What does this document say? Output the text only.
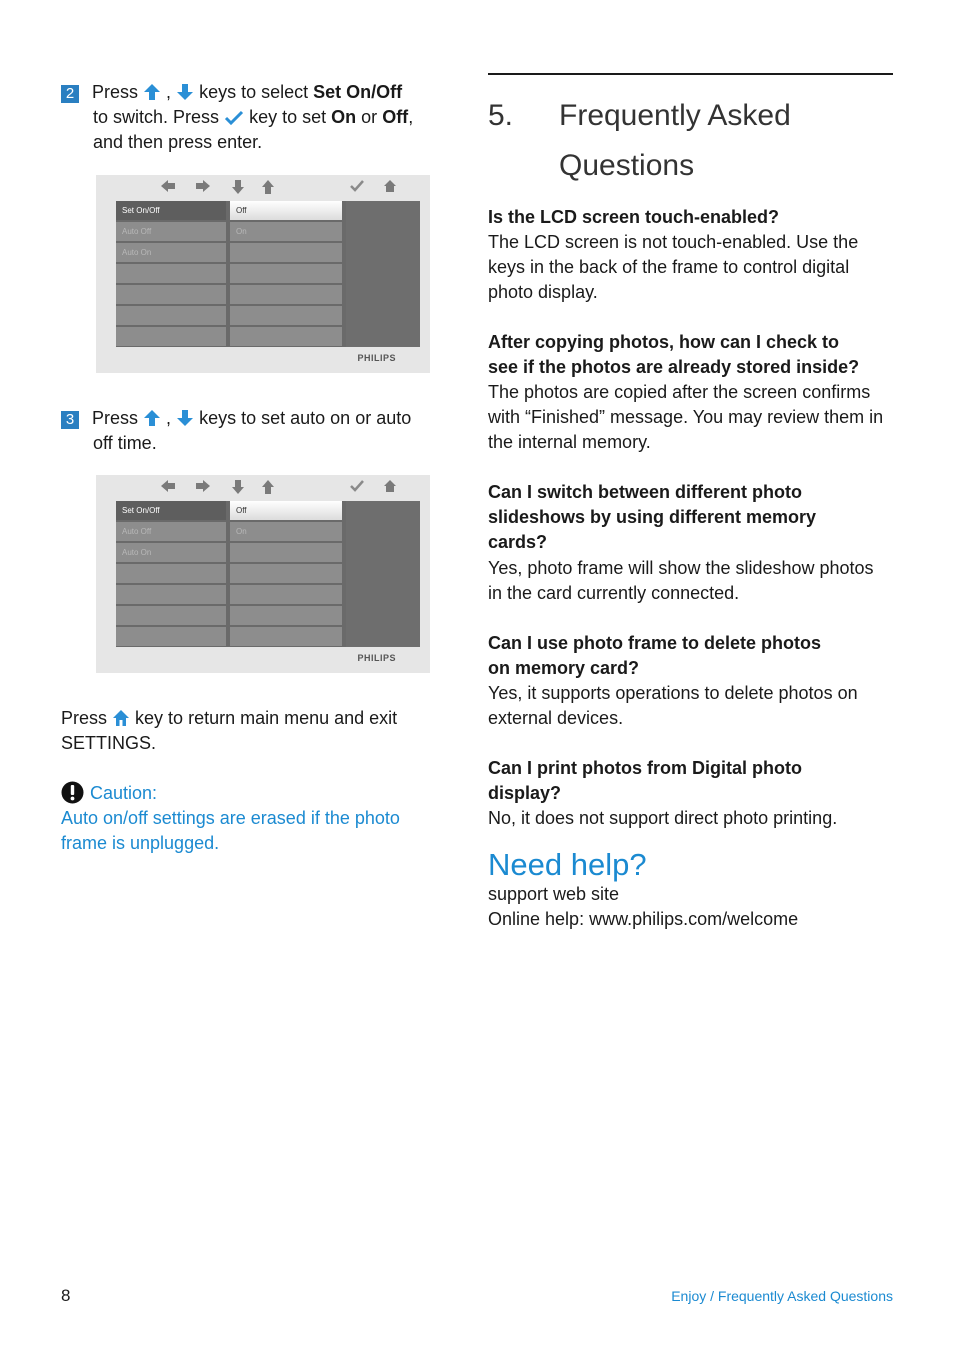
2 Press , keys to select Set On/Off
to switch. Press key to set On or Off,
and then press enter.
Set On/Off
Auto Off
Auto On
Off
On
PHILIPS
3 Press , keys to set auto on or auto
off time.
Set On/Off
Auto Off
Auto On
Off
On
PHILIPS
Press key to return main menu and exit
SETTINGS.
Caution:
Auto on/off settings are erased if the photo
frame is unplugged.
5. Frequently Asked
Questions
Is the LCD screen touch-enabled?
The LCD screen is not touch-enabled. Use the
keys in the back of the frame to control digital
photo display.
After copying photos, how can I check to
see if the photos are already stored inside?
The photos are copied after the screen confirms
with “Finished” message. You may review them in
the internal memory.
Can I switch between different photo
slideshows by using different memory
cards?
Yes, photo frame will show the slideshow photos
in the card currently connected.
Can I use photo frame to delete photos
on memory card?
Yes, it supports operations to delete photos on
external devices.
Can I print photos from Digital photo
display?
No, it does not support direct photo printing.
Need help?
support web site
Online help: www.philips.com/welcome
8	Enjoy / Frequently Asked Questions
